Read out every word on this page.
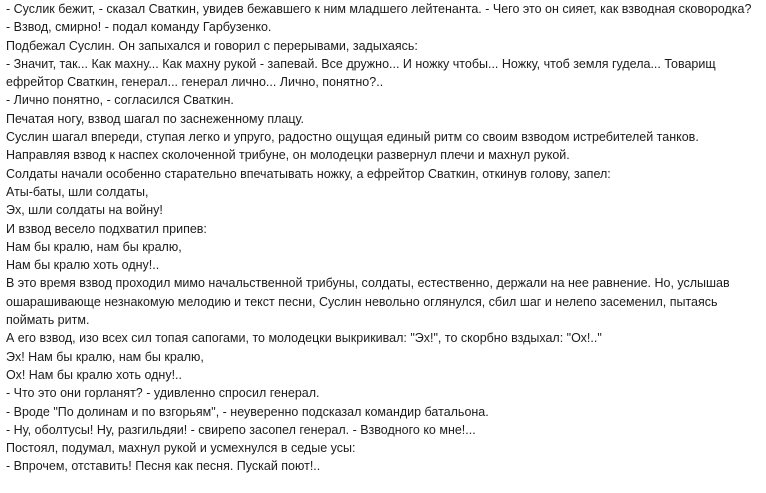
- Суслик бежит, - сказал Сваткин, увидев бежавшего к ним младшего лейтенанта. - Чего это он сияет, как взводная сковородка?

- Взвод, смирно! - подал команду Гарбузенко.

Подбежал Суслин. Он запыхался и говорил с перерывами, задыхаясь:

- Значит, так... Как махну... Как махну рукой - запевай. Все дружно... И ножку чтобы... Ножку, чтоб земля гудела... Товарищ ефрейтор Сваткин, генерал... генерал лично... Лично, понятно?..

- Лично понятно, - согласился Сваткин.

Печатая ногу, взвод шагал по заснеженному плацу.

Суслин шагал впереди, ступая легко и упруго, радостно ощущая единый ритм со своим взводом истребителей танков.

Направляя взвод к наспех сколоченной трибуне, он молодецки развернул плечи и махнул рукой.

Солдаты начали особенно старательно впечатывать ножку, а ефрейтор Сваткин, откинув голову, запел:

Аты-баты, шли солдаты,

Эх, шли солдаты на войну!

И взвод весело подхватил припев:

Нам бы кралю, нам бы кралю,

Нам бы кралю хоть одну!..

В это время взвод проходил мимо начальственной трибуны, солдаты, естественно, держали на нее равнение. Но, услышав ошарашивающе незнакомую мелодию и текст песни, Суслин невольно оглянулся, сбил шаг и нелепо засеменил, пытаясь поймать ритм.

А его взвод, изо всех сил топая сапогами, то молодецки выкрикивал: "Эх!", то скорбно вздыхал: "Ох!.."

Эх! Нам бы кралю, нам бы кралю,

Ох! Нам бы кралю хоть одну!..

- Что это они горланят? - удивленно спросил генерал.

- Вроде "По долинам и по взгорьям", - неуверенно подсказал командир батальона.

- Ну, оболтусы! Ну, разгильдяи! - свирепо засопел генерал. - Взводного ко мне!...

Постоял, подумал, махнул рукой и усмехнулся в седые усы:

- Впрочем, отставить! Песня как песня. Пускай поют!..
